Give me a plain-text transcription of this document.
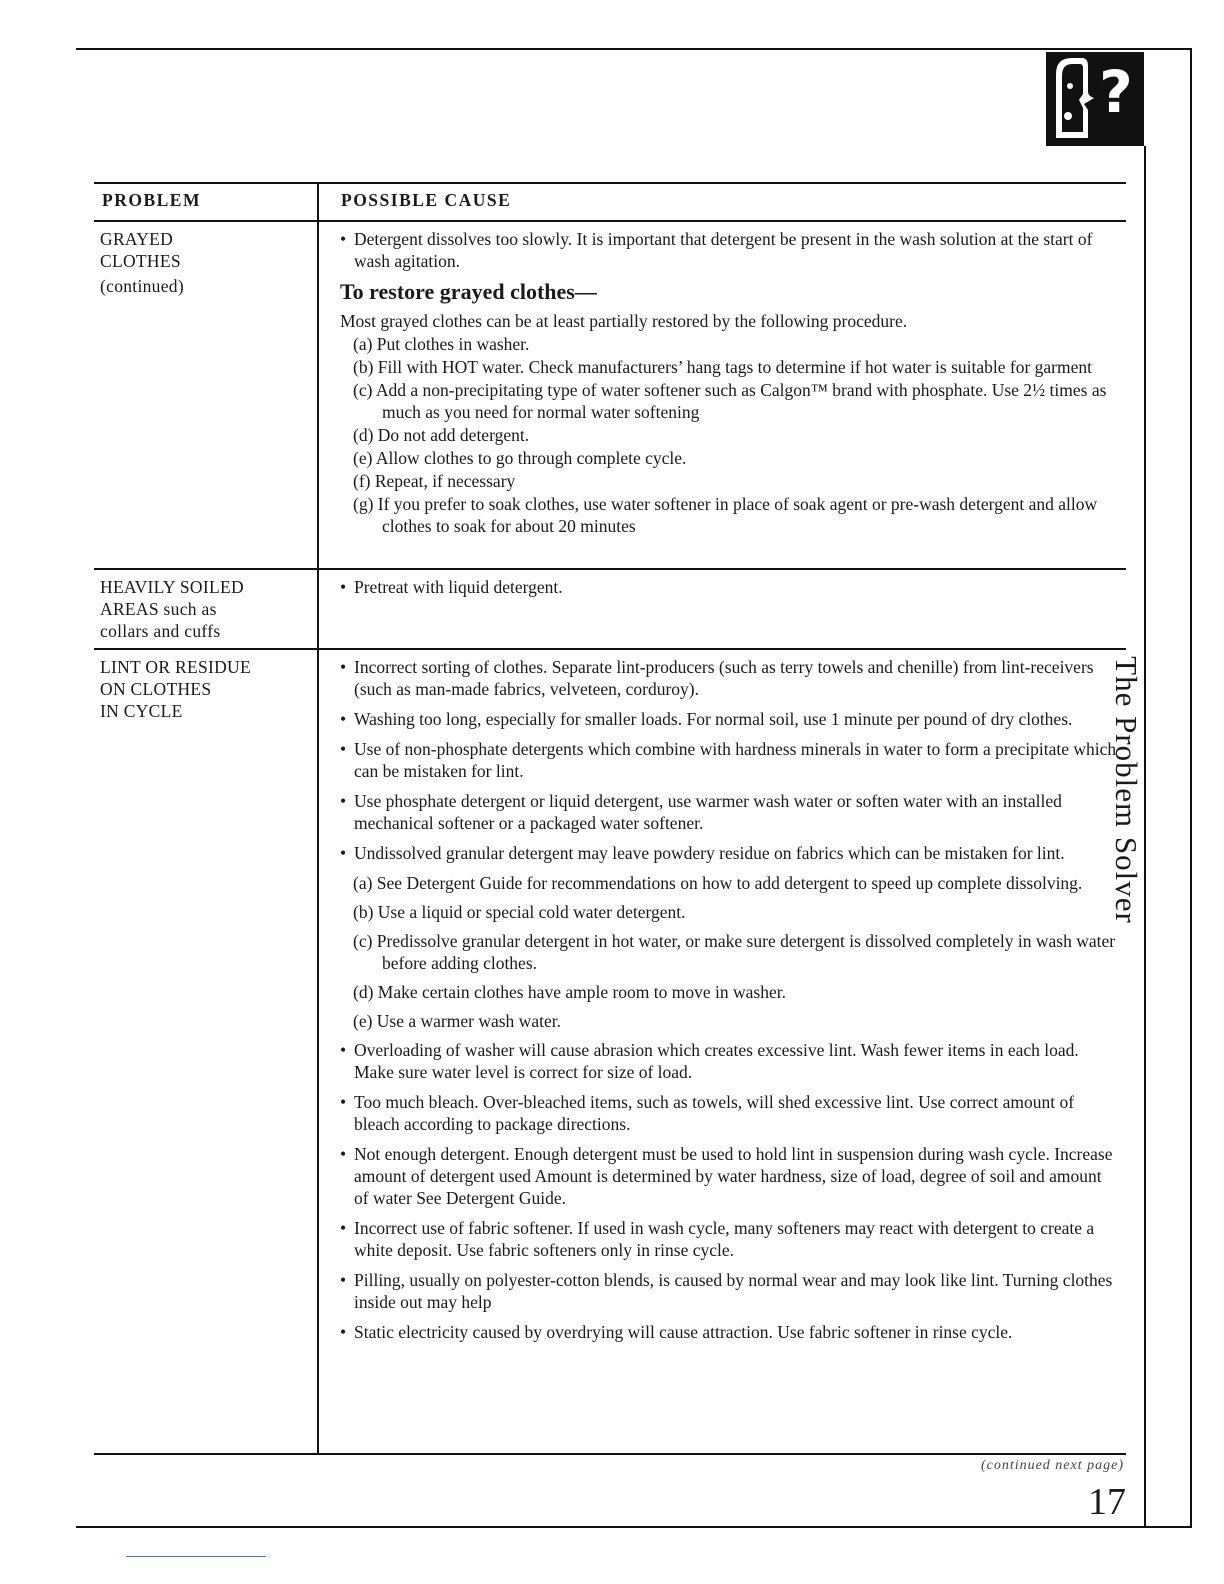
?
The Problem Solver
PROBLEM	POSSIBLE CAUSE
GRAYED
CLOTHES
(continued)
• Detergent dissolves too slowly. It is important that detergent be present in the wash solution at the start of wash agitation.
To restore grayed clothes—
Most grayed clothes can be at least partially restored by the following procedure.
(a) Put clothes in washer.
(b) Fill with HOT water. Check manufacturers’ hang tags to determine if hot water is suitable for garment
(c) Add a non-precipitating type of water softener such as Calgon™ brand with phosphate. Use 2½ times as much as you need for normal water softening
(d) Do not add detergent.
(e) Allow clothes to go through complete cycle.
(f) Repeat, if necessary
(g) If you prefer to soak clothes, use water softener in place of soak agent or pre-wash detergent and allow clothes to soak for about 20 minutes
HEAVILY SOILED
AREAS such as
collars and cuffs
• Pretreat with liquid detergent.
LINT OR RESIDUE
ON CLOTHES
IN CYCLE
• Incorrect sorting of clothes. Separate lint-producers (such as terry towels and chenille) from lint-receivers (such as man-made fabrics, velveteen, corduroy).
• Washing too long, especially for smaller loads. For normal soil, use 1 minute per pound of dry clothes.
• Use of non-phosphate detergents which combine with hardness minerals in water to form a precipitate which can be mistaken for lint.
• Use phosphate detergent or liquid detergent, use warmer wash water or soften water with an installed mechanical softener or a packaged water softener.
• Undissolved granular detergent may leave powdery residue on fabrics which can be mistaken for lint.
(a) See Detergent Guide for recommendations on how to add detergent to speed up complete dissolving.
(b) Use a liquid or special cold water detergent.
(c) Predissolve granular detergent in hot water, or make sure detergent is dissolved completely in wash water before adding clothes.
(d) Make certain clothes have ample room to move in washer.
(e) Use a warmer wash water.
• Overloading of washer will cause abrasion which creates excessive lint. Wash fewer items in each load. Make sure water level is correct for size of load.
• Too much bleach. Over-bleached items, such as towels, will shed excessive lint. Use correct amount of bleach according to package directions.
• Not enough detergent. Enough detergent must be used to hold lint in suspension during wash cycle. Increase amount of detergent used Amount is determined by water hardness, size of load, degree of soil and amount of water See Detergent Guide.
• Incorrect use of fabric softener. If used in wash cycle, many softeners may react with detergent to create a white deposit. Use fabric softeners only in rinse cycle.
• Pilling, usually on polyester-cotton blends, is caused by normal wear and may look like lint. Turning clothes inside out may help
• Static electricity caused by overdrying will cause attraction. Use fabric softener in rinse cycle.
(continued next page)
17
